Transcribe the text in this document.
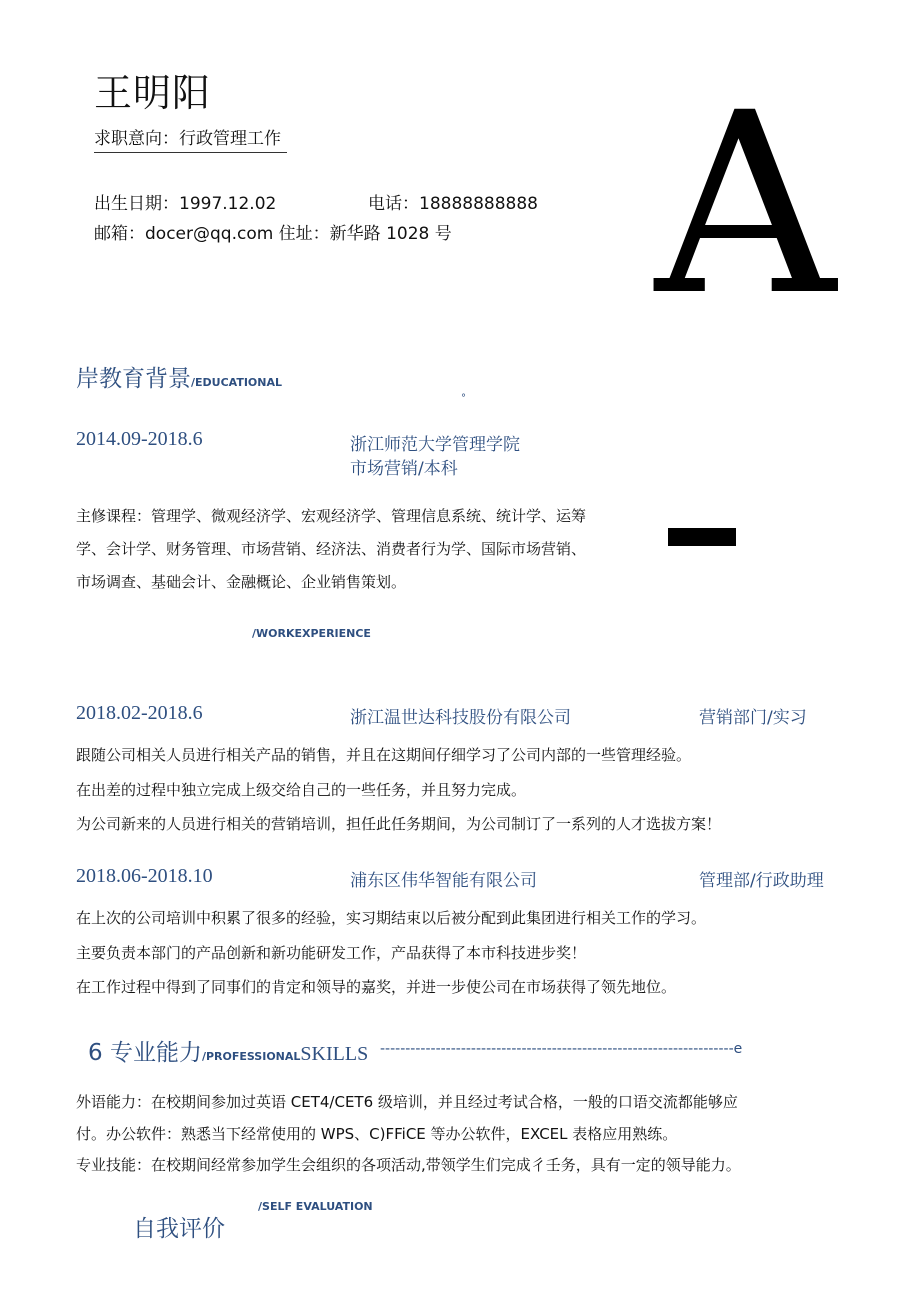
王明阳
求职意向：行政管理工作
出生日期：1997.12.02	电话：18888888888
邮箱：docer@qq.com 住址：新华路 1028 号 A
岸教育背景/EDUCATIONAL
°
2014.09-2018.6	浙江师范大学管理学院
市场营销/本科
主修课程：管理学、微观经济学、宏观经济学、管理信息系统、统计学、运筹
学、会计学、财务管理、市场营销、经济法、消费者行为学、国际市场营销、
市场调查、基础会计、金融概论、企业销售策划。
/WORKEXPERIENCE
2018.02-2018.6	浙江温世达科技股份有限公司	营销部门/实习
跟随公司相关人员进行相关产品的销售，并且在这期间仔细学习了公司内部的一些管理经验。
在出差的过程中独立完成上级交给自己的一些任务，并且努力完成。
为公司新来的人员进行相关的营销培训，担任此任务期间，为公司制订了一系列的人才选拔方案！
2018.06-2018.10	浦东区伟华智能有限公司	管理部/行政助理
在上次的公司培训中积累了很多的经验，实习期结束以后被分配到此集团进行相关工作的学习。
主要负责本部门的产品创新和新功能研发工作，产品获得了本市科技进步奖！
在工作过程中得到了同事们的肯定和领导的嘉奖，并进一步使公司在市场获得了领先地位。
6 专业能力/PROFESSIONALSKILLS ----------------------------------------------------------------------e
外语能力：在校期间参加过英语 CET4/CET6 级培训，并且经过考试合格，一般的口语交流都能够应
付。办公软件：熟悉当下经常使用的 WPS、C)FFiCE 等办公软件，EXCEL 表格应用熟练。
专业技能：在校期间经常参加学生会组织的各项活动,带领学生们完成彳壬务，具有一定的领导能力。
/SELF EVALUATION
自我评价
